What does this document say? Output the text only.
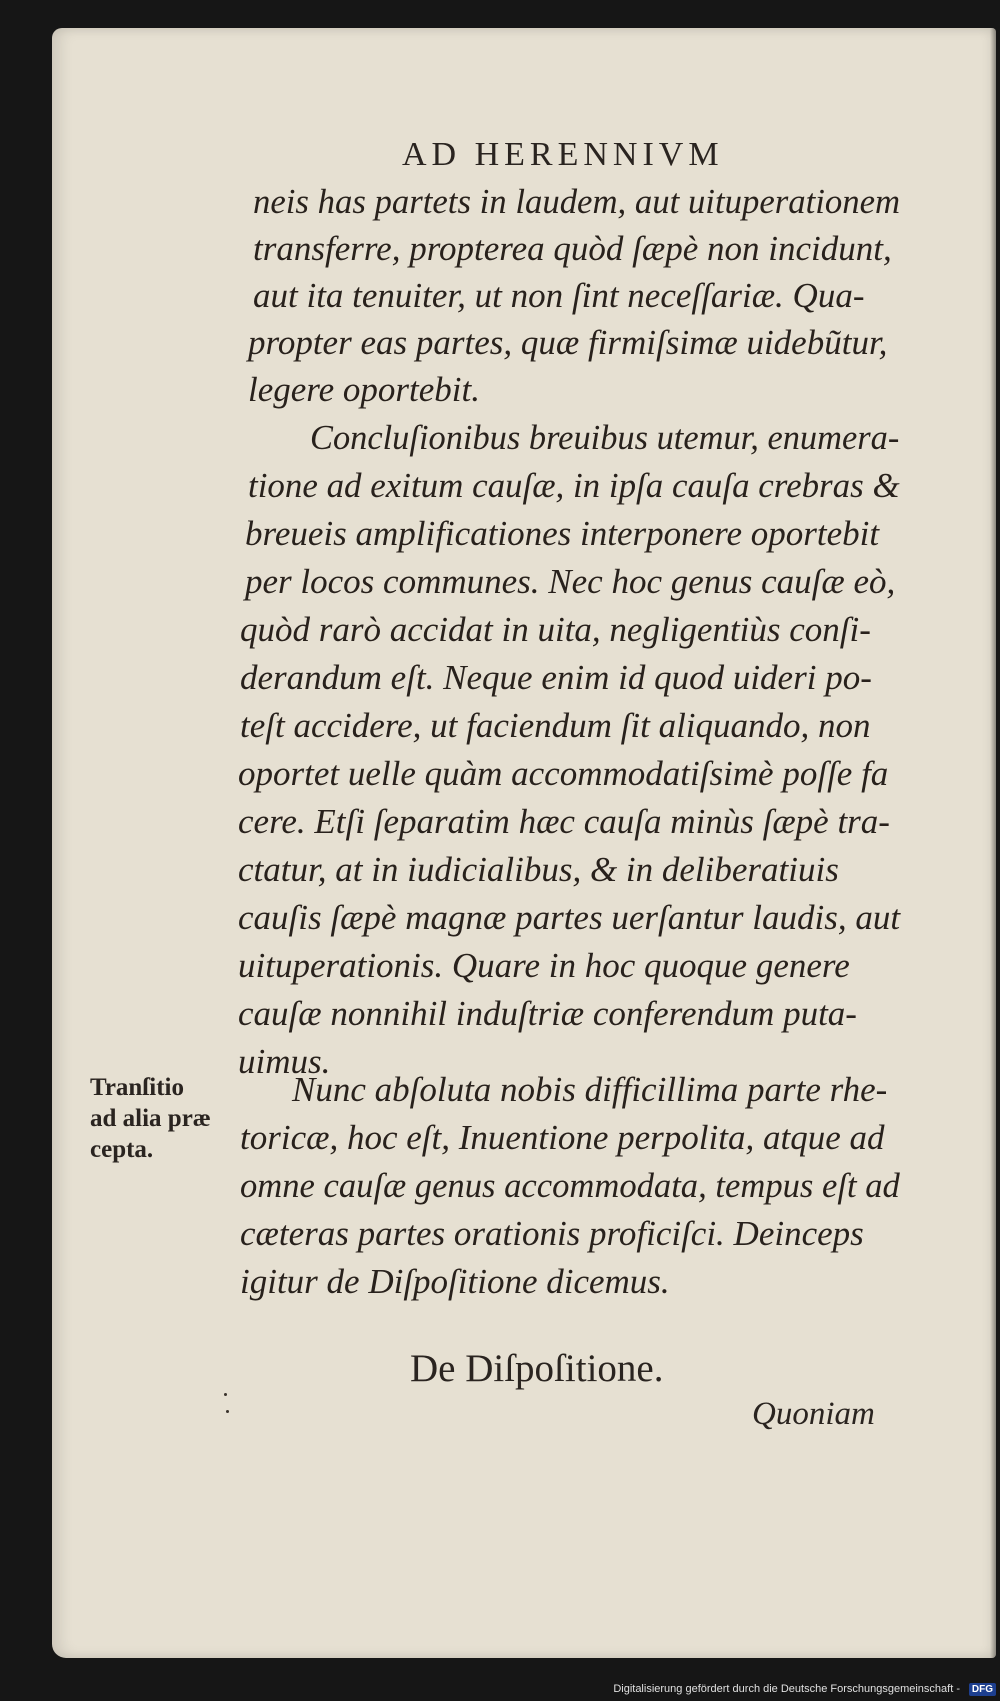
AD HERENNIVM
neis has partets in laudem, aut uituperationem
transferre, propterea quòd ſæpè non incidunt,
aut ita tenuiter, ut non ſint neceſſariæ. Qua-
propter eas partes, quæ firmiſsimæ uidebũtur,
legere oportebit.
Concluſionibus breuibus utemur, enumera-
tione ad exitum cauſæ, in ipſa cauſa crebras &
breueis amplificationes interponere oportebit
per locos communes. Nec hoc genus cauſæ eò,
quòd rarò accidat in uita, negligentiùs conſi-
derandum eſt. Neque enim id quod uideri po-
teſt accidere, ut faciendum ſit aliquando, non
oportet uelle quàm accommodatiſsimè poſſe fa
cere. Etſi ſeparatim hæc cauſa minùs ſæpè tra-
ctatur, at in iudicialibus, & in deliberatiuis
cauſis ſæpè magnæ partes uerſantur laudis, aut
uituperationis. Quare in hoc quoque genere
cauſæ nonnihil induſtriæ conferendum puta-
uimus.
Nunc abſoluta nobis difficillima parte rhe-
toricæ, hoc eſt, Inuentione perpolita, atque ad
omne cauſæ genus accommodata, tempus eſt ad
cæteras partes orationis proficiſci. Deinceps
igitur de Diſpoſitione dicemus.
Tranſitio
ad alia præ
cepta.
De Diſpoſitione.
Quoniam
Digitalisierung gefördert durch die Deutsche Forschungsgemeinschaft -	DFG
